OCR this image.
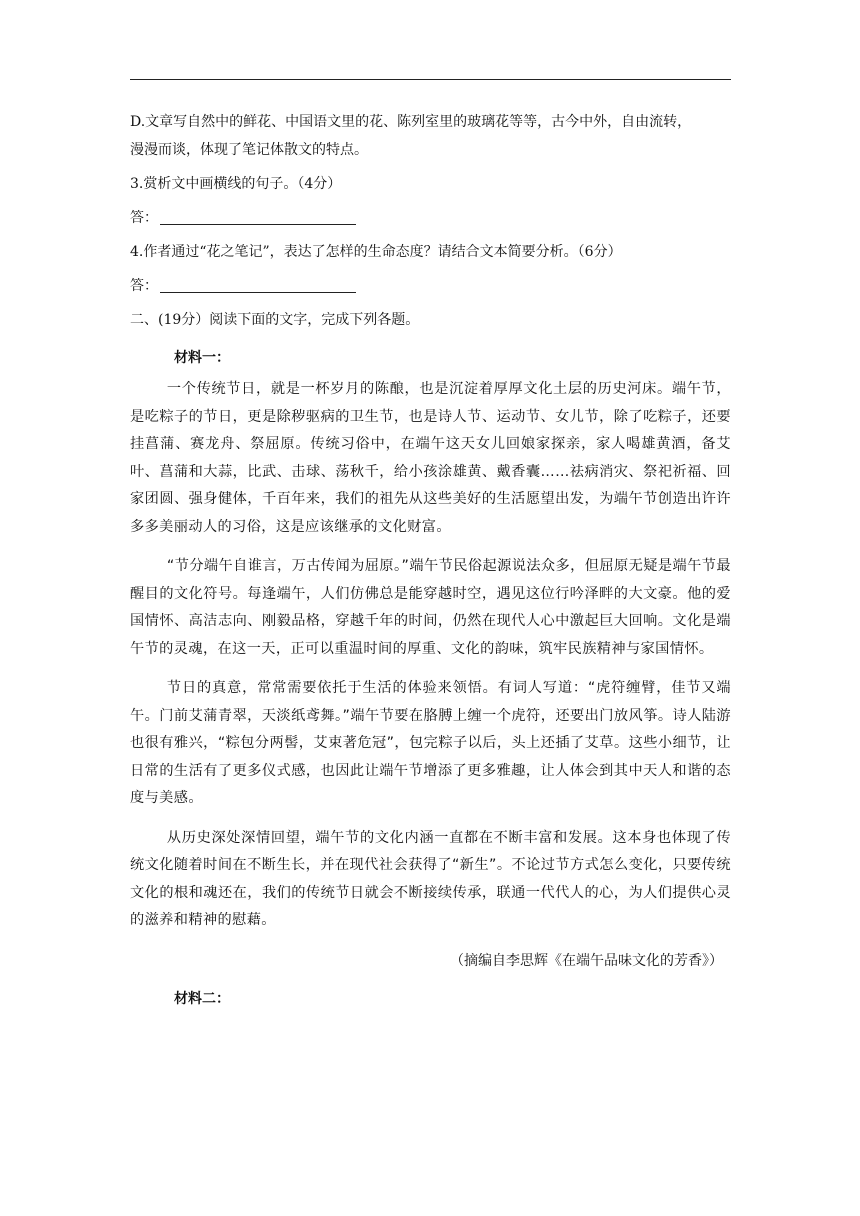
D.文章写自然中的鲜花、中国语文里的花、陈列室里的玻璃花等等，古今中外，自由流转，
漫漫而谈，体现了笔记体散文的特点。

3.赏析文中画横线的句子。（4分）

答：

4.作者通过“花之笔记”，表达了怎样的生命态度？请结合文本简要分析。（6分）

答：

二、(19分）阅读下面的文字，完成下列各题。

材料一：

一个传统节日，就是一杯岁月的陈酿，也是沉淀着厚厚文化土层的历史河床。端午节，是吃粽子的节日，更是除秽驱病的卫生节，也是诗人节、运动节、女儿节，除了吃粽子，还要挂菖蒲、赛龙舟、祭屈原。传统习俗中，在端午这天女儿回娘家探亲，家人喝雄黄酒，备艾叶、菖蒲和大蒜，比武、击球、荡秋千，给小孩涂雄黄、戴香囊……祛病消灾、祭祀祈福、回家团圆、强身健体，千百年来，我们的祖先从这些美好的生活愿望出发，为端午节创造出许许多多美丽动人的习俗，这是应该继承的文化财富。

“节分端午自谁言，万古传闻为屈原。”端午节民俗起源说法众多，但屈原无疑是端午节最醒目的文化符号。每逢端午，人们仿佛总是能穿越时空，遇见这位行吟泽畔的大文豪。他的爱国情怀、高洁志向、刚毅品格，穿越千年的时间，仍然在现代人心中激起巨大回响。文化是端午节的灵魂，在这一天，正可以重温时间的厚重、文化的韵味，筑牢民族精神与家国情怀。

节日的真意，常常需要依托于生活的体验来领悟。有词人写道：“虎符缠臂，佳节又端午。门前艾蒲青翠，天淡纸鸢舞。”端午节要在胳膊上缠一个虎符，还要出门放风筝。诗人陆游也很有雅兴，“粽包分两髻，艾束著危冠”，包完粽子以后，头上还插了艾草。这些小细节，让日常的生活有了更多仪式感，也因此让端午节增添了更多雅趣，让人体会到其中天人和谐的态度与美感。

从历史深处深情回望，端午节的文化内涵一直都在不断丰富和发展。这本身也体现了传统文化随着时间在不断生长，并在现代社会获得了“新生”。不论过节方式怎么变化，只要传统文化的根和魂还在，我们的传统节日就会不断接续传承，联通一代代人的心，为人们提供心灵的滋养和精神的慰藉。

（摘编自李思辉《在端午品味文化的芳香》）

材料二：
